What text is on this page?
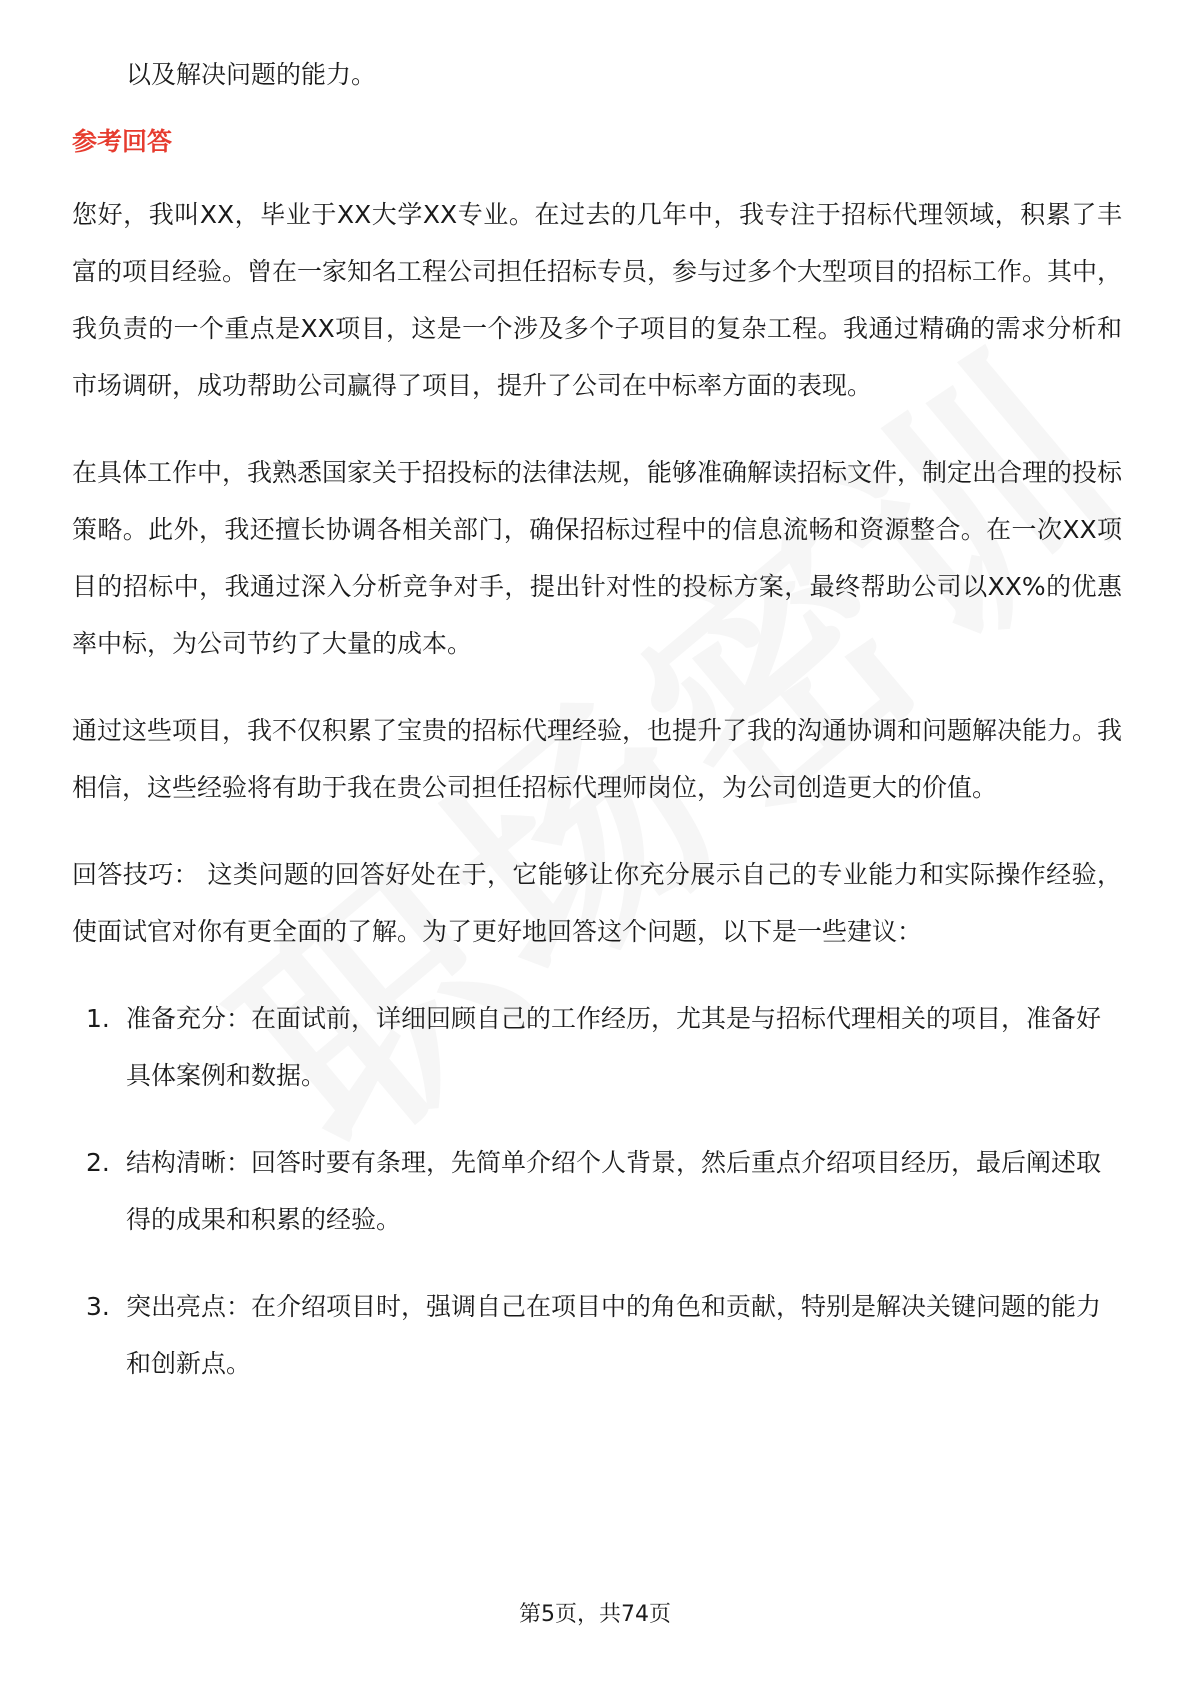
以及解决问题的能力。

参考回答

您好，我叫XX，毕业于XX大学XX专业。在过去的几年中，我专注于招标代理领域，积累了丰富的项目经验。曾在一家知名工程公司担任招标专员，参与过多个大型项目的招标工作。其中，我负责的一个重点是XX项目，这是一个涉及多个子项目的复杂工程。我通过精确的需求分析和市场调研，成功帮助公司赢得了项目，提升了公司在中标率方面的表现。

在具体工作中，我熟悉国家关于招投标的法律法规，能够准确解读招标文件，制定出合理的投标策略。此外，我还擅长协调各相关部门，确保招标过程中的信息流畅和资源整合。在一次XX项目的招标中，我通过深入分析竞争对手，提出针对性的投标方案，最终帮助公司以XX%的优惠率中标，为公司节约了大量的成本。

通过这些项目，我不仅积累了宝贵的招标代理经验，也提升了我的沟通协调和问题解决能力。我相信，这些经验将有助于我在贵公司担任招标代理师岗位，为公司创造更大的价值。

回答技巧： 这类问题的回答好处在于，它能够让你充分展示自己的专业能力和实际操作经验，使面试官对你有更全面的了解。为了更好地回答这个问题，以下是一些建议：

1. 准备充分：在面试前，详细回顾自己的工作经历，尤其是与招标代理相关的项目，准备好具体案例和数据。
2. 结构清晰：回答时要有条理，先简单介绍个人背景，然后重点介绍项目经历，最后阐述取得的成果和积累的经验。
3. 突出亮点：在介绍项目时，强调自己在项目中的角色和贡献，特别是解决关键问题的能力和创新点。
第5页，共74页
